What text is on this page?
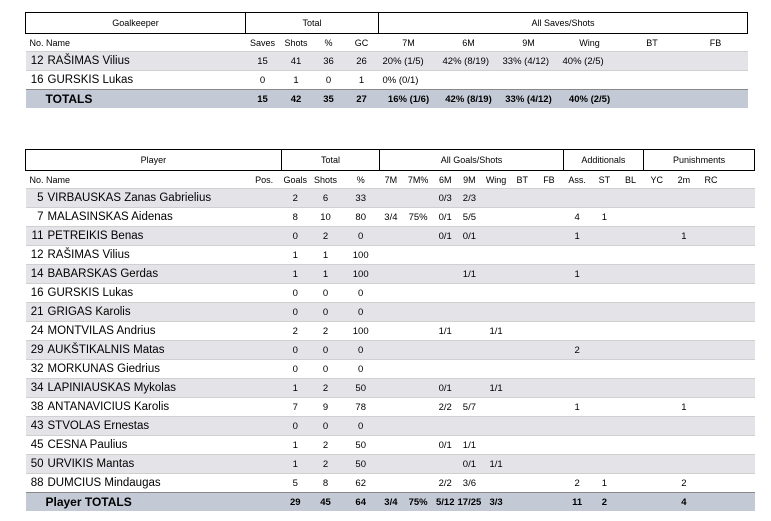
Goalkeeper	Total				All Saves/Shots					
No. Name	Saves	Shots	%	GC	7M	6M	9M	Wing	BT	FB
12 RAŠIMAS Vilius	15	41	36	26	20% (1/5)	42% (8/19)	33% (4/12)	40% (2/5)		
16 GURSKIS Lukas	0	1	0	1	0% (0/1)					
TOTALS	15	42	35	27	16% (1/6)	42% (8/19)	33% (4/12)	40% (2/5)		
Player		Total			All Goals/Shots							Additionals			Punishments			
No. Name	Pos.	Goals	Shots	%	7M	7M%	6M	9M	Wing	BT	FB	Ass.	ST	BL	YC	2m	RC	
5 VIRBAUSKAS Zanas Gabrielius		2	6	33			0/3	2/3										
7 MALASINSKAS Aidenas		8	10	80	3/4	75%	0/1	5/5				4	1					
11 PETREIKIS Benas		0	2	0			0/1	0/1				1				1		
12 RAŠIMAS Vilius		1	1	100														
14 BABARSKAS Gerdas		1	1	100				1/1				1						
16 GURSKIS Lukas		0	0	0														
21 GRIGAS Karolis		0	0	0														
24 MONTVILAS Andrius		2	2	100			1/1		1/1									
29 AUKŠTIKALNIS Matas		0	0	0								2						
32 MORKUNAS Giedrius		0	0	0														
34 LAPINIAUSKAS Mykolas		1	2	50			0/1		1/1									
38 ANTANAVICIUS Karolis		7	9	78			2/2	5/7				1				1		
43 STVOLAS Ernestas		0	0	0														
45 CESNA Paulius		1	2	50			0/1	1/1										
50 URVIKIS Mantas		1	2	50				0/1	1/1									
88 DUMCIUS Mindaugas		5	8	62			2/2	3/6				2	1			2		
Player TOTALS		29	45	64	3/4	75%	5/12	17/25	3/3			11	2			4		
